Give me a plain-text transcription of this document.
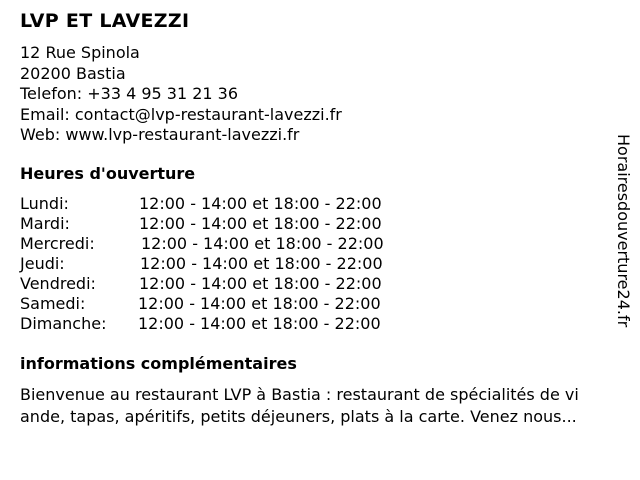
LVP ET LAVEZZI
12 Rue Spinola
20200 Bastia
Telefon: +33 4 95 31 21 36
Email: contact@lvp-restaurant-lavezzi.fr
Web: www.lvp-restaurant-lavezzi.fr
Heures d'ouverture
Lundi:	12:00 - 14:00 et 18:00 - 22:00
Mardi:	12:00 - 14:00 et 18:00 - 22:00
Mercredi:	12:00 - 14:00 et 18:00 - 22:00
Jeudi:	12:00 - 14:00 et 18:00 - 22:00
Vendredi:	12:00 - 14:00 et 18:00 - 22:00
Samedi:	12:00 - 14:00 et 18:00 - 22:00
Dimanche: 12:00 - 14:00 et 18:00 - 22:00
informations complémentaires
Bienvenue au restaurant LVP à Bastia : restaurant de spécialités de vi
ande, tapas, apéritifs, petits déjeuners, plats à la carte. Venez nous...
Horairesdouverture24.fr
